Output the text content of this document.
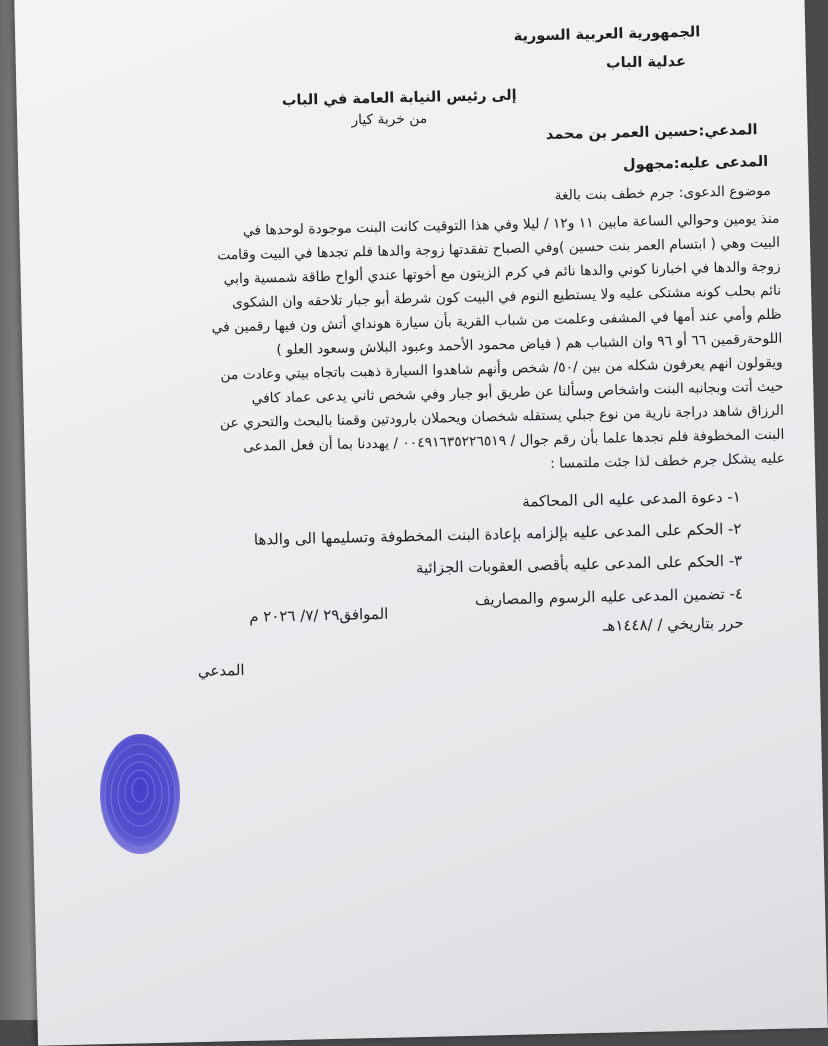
الجمهورية العربية السورية
عدلية الباب
إلى رئيس النيابة العامة في الباب
المدعي:حسين العمر بن محمد
من خربة كيار
المدعى عليه:مجهول
موضوع الدعوى: جرم خطف بنت بالغة
منذ يومين وحوالي الساعة مابين ١١ و١٢ / ليلا وفي هذا التوقيت كانت البنت موجودة لوحدها في
البيت وهي ( ابتسام العمر بنت حسين )وفي الصباح تفقدتها زوجة والدها فلم تجدها في البيت وقامت
زوجة والدها في اخبارنا كوني والدها نائم في كرم الزيتون مع أخوتها عندي ألواح طاقة شمسية وابي
نائم بحلب كونه مشتكى عليه ولا يستطيع النوم في البيت كون شرطة أبو جبار تلاحقه وان الشكوى
ظلم وأمي عند أمها في المشفى وعلمت من شباب القرية بأن سيارة هونداي أتش ون فيها رقمين في
اللوحةرقمين ٦٦ أو ٩٦ وان الشباب هم ( فياض محمود الأحمد وعبود البلاش وسعود العلو )
ويقولون انهم يعرفون شكله من بين /٥٠/ شخص وأنهم شاهدوا السيارة ذهبت باتجاه بيتي وعادت من
حيث أتت وبجانبه البنت واشخاص وسألنا عن طريق أبو جبار وفي شخص ثاني يدعى عماد كافي
الرزاق شاهد دراجة نارية من نوع جبلي يستقله شخصان ويحملان بارودتين وقمنا بالبحث والتحري عن
البنت المخطوفة فلم نجدها علما بأن رقم جوال / ٠٠٤٩١٦٣٥٢٢٦٥١٩ / يهددنا بما أن فعل المدعى
عليه يشكل جرم خطف لذا جئت ملتمسا :
١- دعوة المدعى عليه الى المحاكمة
٢- الحكم على المدعى عليه بإلزامه بإعادة البنت المخطوفة وتسليمها الى والدها
٣- الحكم على المدعى عليه بأقصى العقوبات الجزائية
٤- تضمين المدعى عليه الرسوم والمصاريف
حرر بتاريخي / /١٤٤٨هـ
الموافق٢٩ /٧/ ٢٠٢٦ م
المدعي
